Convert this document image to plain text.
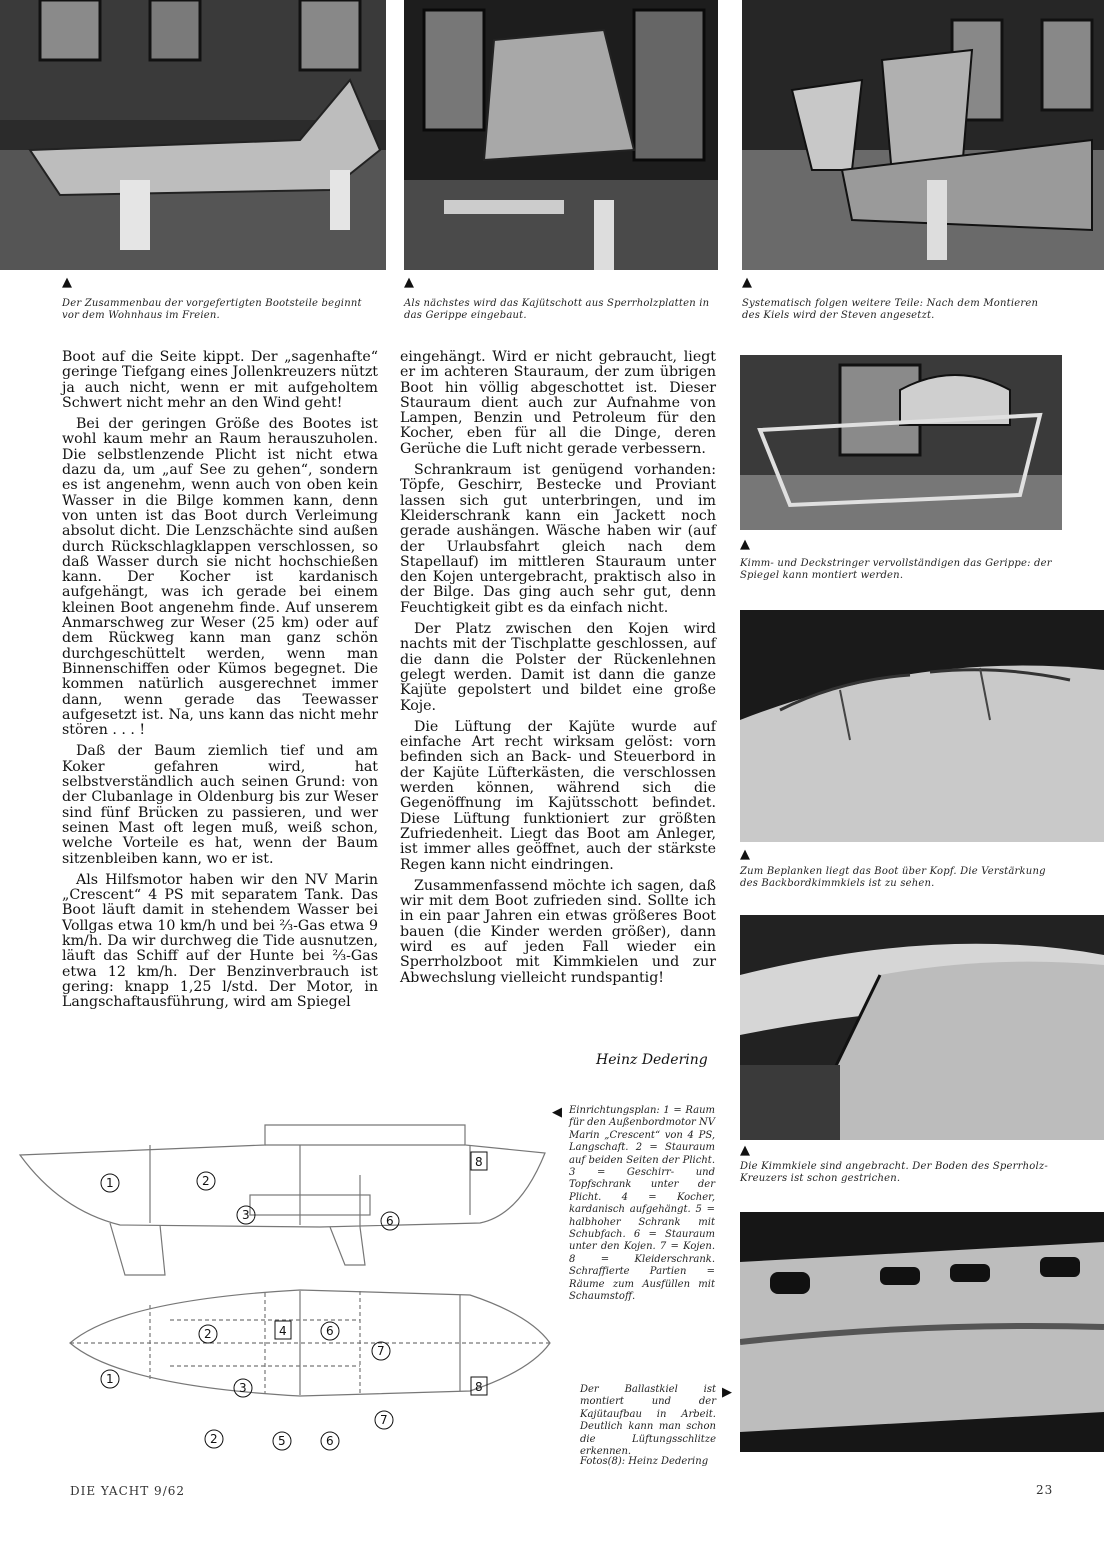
▲
Der Zusammenbau der vorgefertigten Bootsteile beginnt vor dem Wohnhaus im Freien.
▲
Als nächstes wird das Kajütschott aus Sperrholzplatten in das Gerippe eingebaut.
▲
Systematisch folgen weitere Teile: Nach dem Montieren des Kiels wird der Steven angesetzt.

Boot auf die Seite kippt. Der „sagenhafte“ geringe Tiefgang eines Jollenkreuzers nützt ja auch nicht, wenn er mit aufgeholtem Schwert nicht mehr an den Wind geht!

Bei der geringen Größe des Bootes ist wohl kaum mehr an Raum herauszuholen. Die selbstlenzende Plicht ist nicht etwa dazu da, um „auf See zu gehen“, sondern es ist angenehm, wenn auch von oben kein Wasser in die Bilge kommen kann, denn von unten ist das Boot durch Verleimung absolut dicht. Die Lenzschächte sind außen durch Rückschlagklappen verschlossen, so daß Wasser durch sie nicht hochschießen kann. Der Kocher ist kardanisch aufgehängt, was ich gerade bei einem kleinen Boot angenehm finde. Auf unserem Anmarschweg zur Weser (25 km) oder auf dem Rückweg kann man ganz schön durchgeschüttelt werden, wenn man Binnenschiffen oder Kümos begegnet. Die kommen natürlich ausgerechnet immer dann, wenn gerade das Teewasser aufgesetzt ist. Na, uns kann das nicht mehr stören . . . !

Daß der Baum ziemlich tief und am Koker gefahren wird, hat selbstverständlich auch seinen Grund: von der Clubanlage in Oldenburg bis zur Weser sind fünf Brücken zu passieren, und wer seinen Mast oft legen muß, weiß schon, welche Vorteile es hat, wenn der Baum sitzenbleiben kann, wo er ist.

Als Hilfsmotor haben wir den NV Marin „Crescent“ 4 PS mit separatem Tank. Das Boot läuft damit in stehendem Wasser bei Vollgas etwa 10 km/h und bei ⅔-Gas etwa 9 km/h. Da wir durchweg die Tide ausnutzen, läuft das Schiff auf der Hunte bei ⅔-Gas etwa 12 km/h. Der Benzinverbrauch ist gering: knapp 1,25 l/std. Der Motor, in Langschaftausführung, wird am Spiegel

eingehängt. Wird er nicht gebraucht, liegt er im achteren Stauraum, der zum übrigen Boot hin völlig abgeschottet ist. Dieser Stauraum dient auch zur Aufnahme von Lampen, Benzin und Petroleum für den Kocher, eben für all die Dinge, deren Gerüche die Luft nicht gerade verbessern.

Schrankraum ist genügend vorhanden: Töpfe, Geschirr, Bestecke und Proviant lassen sich gut unterbringen, und im Kleiderschrank kann ein Jackett noch gerade aushängen. Wäsche haben wir (auf der Urlaubsfahrt gleich nach dem Stapellauf) im mittleren Stauraum unter den Kojen untergebracht, praktisch also in der Bilge. Das ging auch sehr gut, denn Feuchtigkeit gibt es da einfach nicht.

Der Platz zwischen den Kojen wird nachts mit der Tischplatte geschlossen, auf die dann die Polster der Rückenlehnen gelegt werden. Damit ist dann die ganze Kajüte gepolstert und bildet eine große Koje.

Die Lüftung der Kajüte wurde auf einfache Art recht wirksam gelöst: vorn befinden sich an Back- und Steuerbord in der Kajüte Lüfterkästen, die verschlossen werden können, während sich die Gegenöffnung im Kajütsschott befindet. Diese Lüftung funktioniert zur größten Zufriedenheit. Liegt das Boot am Anleger, ist immer alles geöffnet, auch der stärkste Regen kann nicht eindringen.

Zusammenfassend möchte ich sagen, daß wir mit dem Boot zufrieden sind. Sollte ich in ein paar Jahren ein etwas größeres Boot bauen (die Kinder werden größer), dann wird es auf jeden Fall wieder ein Sperrholzboot mit Kimmkielen und zur Abwechslung vielleicht rundspantig!

Heinz Dedering
▲
Kimm- und Deckstringer vervollständigen das Gerippe: der Spiegel kann montiert werden.
▲
Zum Beplanken liegt das Boot über Kopf. Die Verstärkung des Backbordkimmkiels ist zu sehen.
▲
Die Kimmkiele sind angebracht. Der Boden des Sperrholz-Kreuzers ist schon gestrichen.
1	2
3	6
8
2	4	6
7
1
3	8
2	5	6
7
◀ Einrichtungsplan: 1 = Raum für den Außenbordmotor NV Marin „Crescent“ von 4 PS, Langschaft. 2 = Stauraum auf beiden Seiten der Plicht. 3 = Geschirr- und Topfschrank unter der Plicht. 4 = Kocher, kardanisch aufgehängt. 5 = halbhoher Schrank mit Schubfach. 6 = Stauraum unter den Kojen. 7 = Kojen. 8 = Kleiderschrank. Schraffierte Partien = Räume zum Ausfüllen mit Schaumstoff.
Der Ballastkiel ist montiert und der Kajütaufbau in Arbeit. Deutlich kann man schon die Lüftungsschlitze erkennen.
Fotos(8): Heinz Dedering
▶
DIE YACHT 9/62	23
